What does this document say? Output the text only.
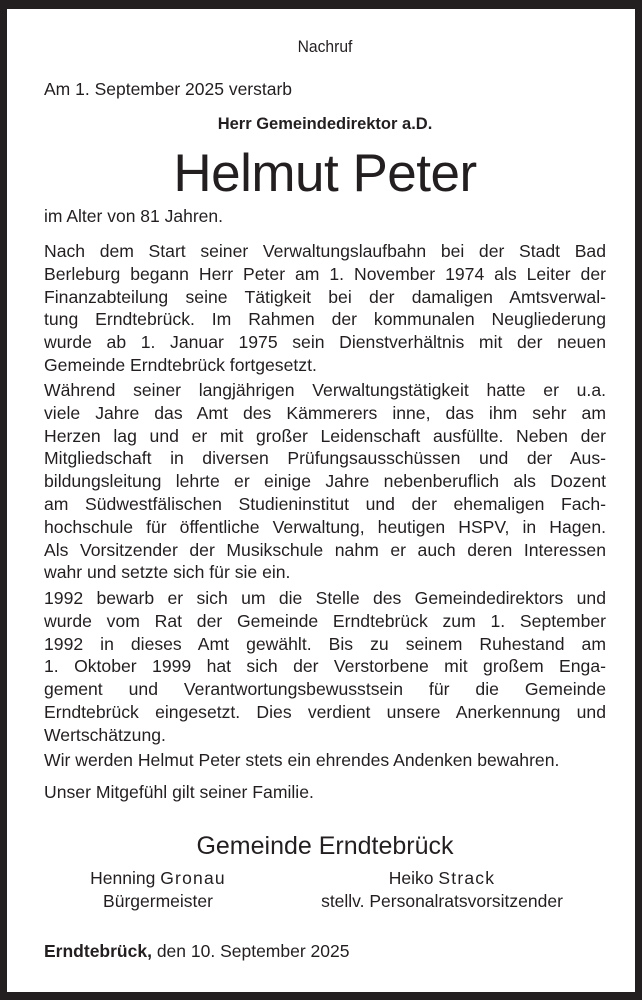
Nachruf
Am 1. September 2025 verstarb
Herr Gemeindedirektor a.D.
Helmut Peter
im Alter von 81 Jahren.
Nach dem Start seiner Verwaltungslaufbahn bei der Stadt Bad
Berleburg begann Herr Peter am 1. November 1974 als Leiter der
Finanzabteilung seine Tätigkeit bei der damaligen Amtsverwal-
tung Erndtebrück. Im Rahmen der kommunalen Neugliederung
wurde ab 1. Januar 1975 sein Dienstverhältnis mit der neuen
Gemeinde Erndtebrück fortgesetzt.
Während seiner langjährigen Verwaltungstätigkeit hatte er u.a.
viele Jahre das Amt des Kämmerers inne, das ihm sehr am
Herzen lag und er mit großer Leidenschaft ausfüllte. Neben der
Mitgliedschaft in diversen Prüfungsausschüssen und der Aus-
bildungsleitung lehrte er einige Jahre nebenberuflich als Dozent
am Südwestfälischen Studieninstitut und der ehemaligen Fach-
hochschule für öffentliche Verwaltung, heutigen HSPV, in Hagen.
Als Vorsitzender der Musikschule nahm er auch deren Interessen
wahr und setzte sich für sie ein.
1992 bewarb er sich um die Stelle des Gemeindedirektors und
wurde vom Rat der Gemeinde Erndtebrück zum 1. September
1992 in dieses Amt gewählt. Bis zu seinem Ruhestand am
1. Oktober 1999 hat sich der Verstorbene mit großem Enga-
gement und Verantwortungsbewusstsein für die Gemeinde
Erndtebrück eingesetzt. Dies verdient unsere Anerkennung und
Wertschätzung.
Wir werden Helmut Peter stets ein ehrendes Andenken bewahren.
Unser Mitgefühl gilt seiner Familie.
Gemeinde Erndtebrück
Henning Gronau
Bürgermeister
Heiko Strack
stellv. Personalratsvorsitzender
Erndtebrück, den 10. September 2025
